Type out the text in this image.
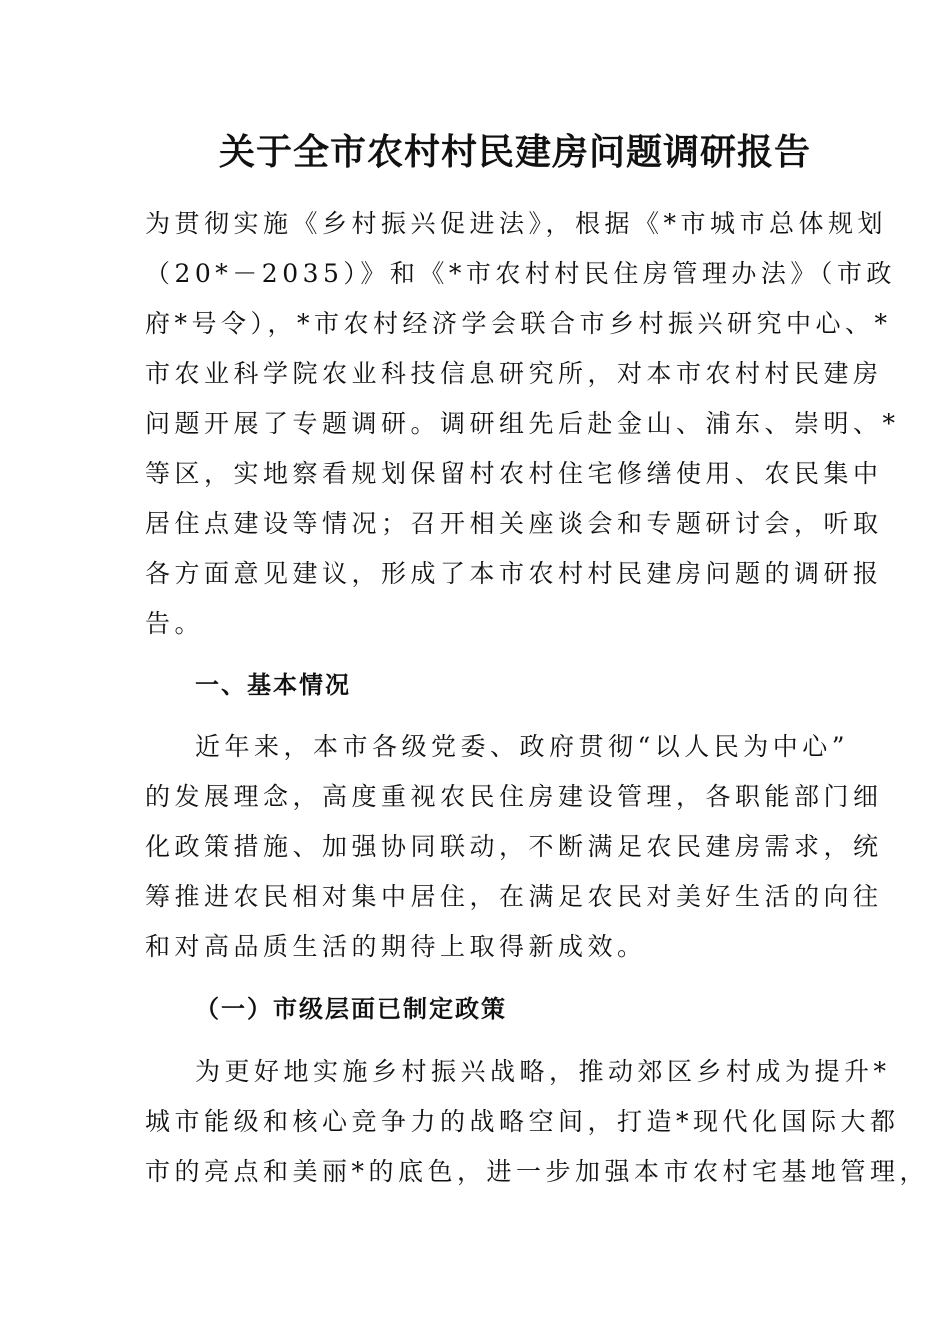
关于全市农村村民建房问题调研报告

为贯彻实施《乡村振兴促进法》，根据《*市城市总体规划

（20*－2035）》和《*市农村村民住房管理办法》（市政

府*号令），*市农村经济学会联合市乡村振兴研究中心、*

市农业科学院农业科技信息研究所，对本市农村村民建房

问题开展了专题调研。调研组先后赴金山、浦东、崇明、*

等区，实地察看规划保留村农村住宅修缮使用、农民集中

居住点建设等情况；召开相关座谈会和专题研讨会，听取

各方面意见建议，形成了本市农村村民建房问题的调研报

告。

一、基本情况

近年来，本市各级党委、政府贯彻“以人民为中心”

的发展理念，高度重视农民住房建设管理，各职能部门细

化政策措施、加强协同联动，不断满足农民建房需求，统

筹推进农民相对集中居住，在满足农民对美好生活的向往

和对高品质生活的期待上取得新成效。

（一）市级层面已制定政策

为更好地实施乡村振兴战略，推动郊区乡村成为提升*

城市能级和核心竞争力的战略空间，打造*现代化国际大都

市的亮点和美丽*的底色，进一步加强本市农村宅基地管理，
